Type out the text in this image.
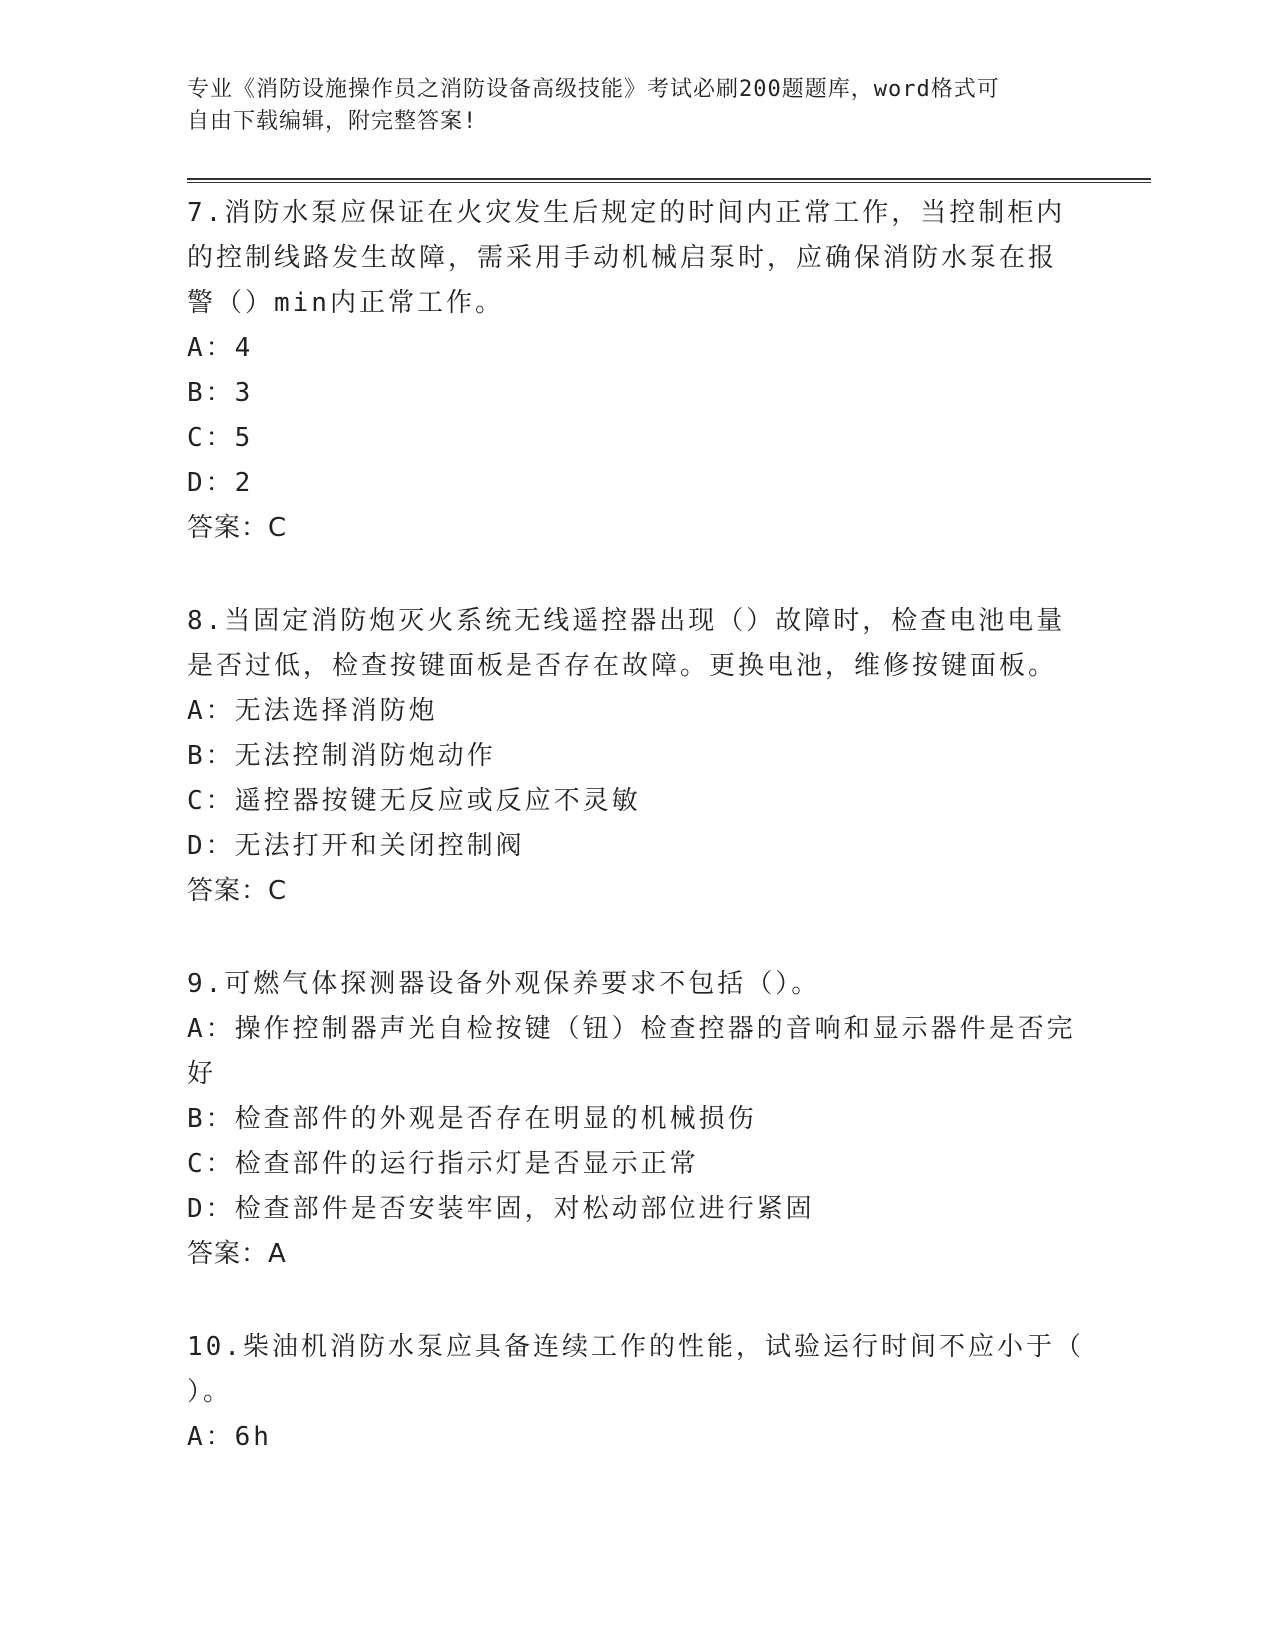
专业《消防设施操作员之消防设备高级技能》考试必刷200题题库，word格式可
自由下载编辑，附完整答案!
7.消防水泵应保证在火灾发生后规定的时间内正常工作，当控制柜内
的控制线路发生故障，需采用手动机械启泵时，应确保消防水泵在报
警（）min内正常工作。
A：4
B：3
C：5
D：2
答案：C
8.当固定消防炮灭火系统无线遥控器出现（）故障时，检查电池电量
是否过低，检查按键面板是否存在故障。更换电池，维修按键面板。
A：无法选择消防炮
B：无法控制消防炮动作
C：遥控器按键无反应或反应不灵敏
D：无法打开和关闭控制阀
答案：C
9.可燃气体探测器设备外观保养要求不包括（）。
A：操作控制器声光自检按键（钮）检查控器的音响和显示器件是否完
好
B：检查部件的外观是否存在明显的机械损伤
C：检查部件的运行指示灯是否显示正常
D：检查部件是否安装牢固，对松动部位进行紧固
答案：A
10.柴油机消防水泵应具备连续工作的性能，试验运行时间不应小于（
）。
A：6h
